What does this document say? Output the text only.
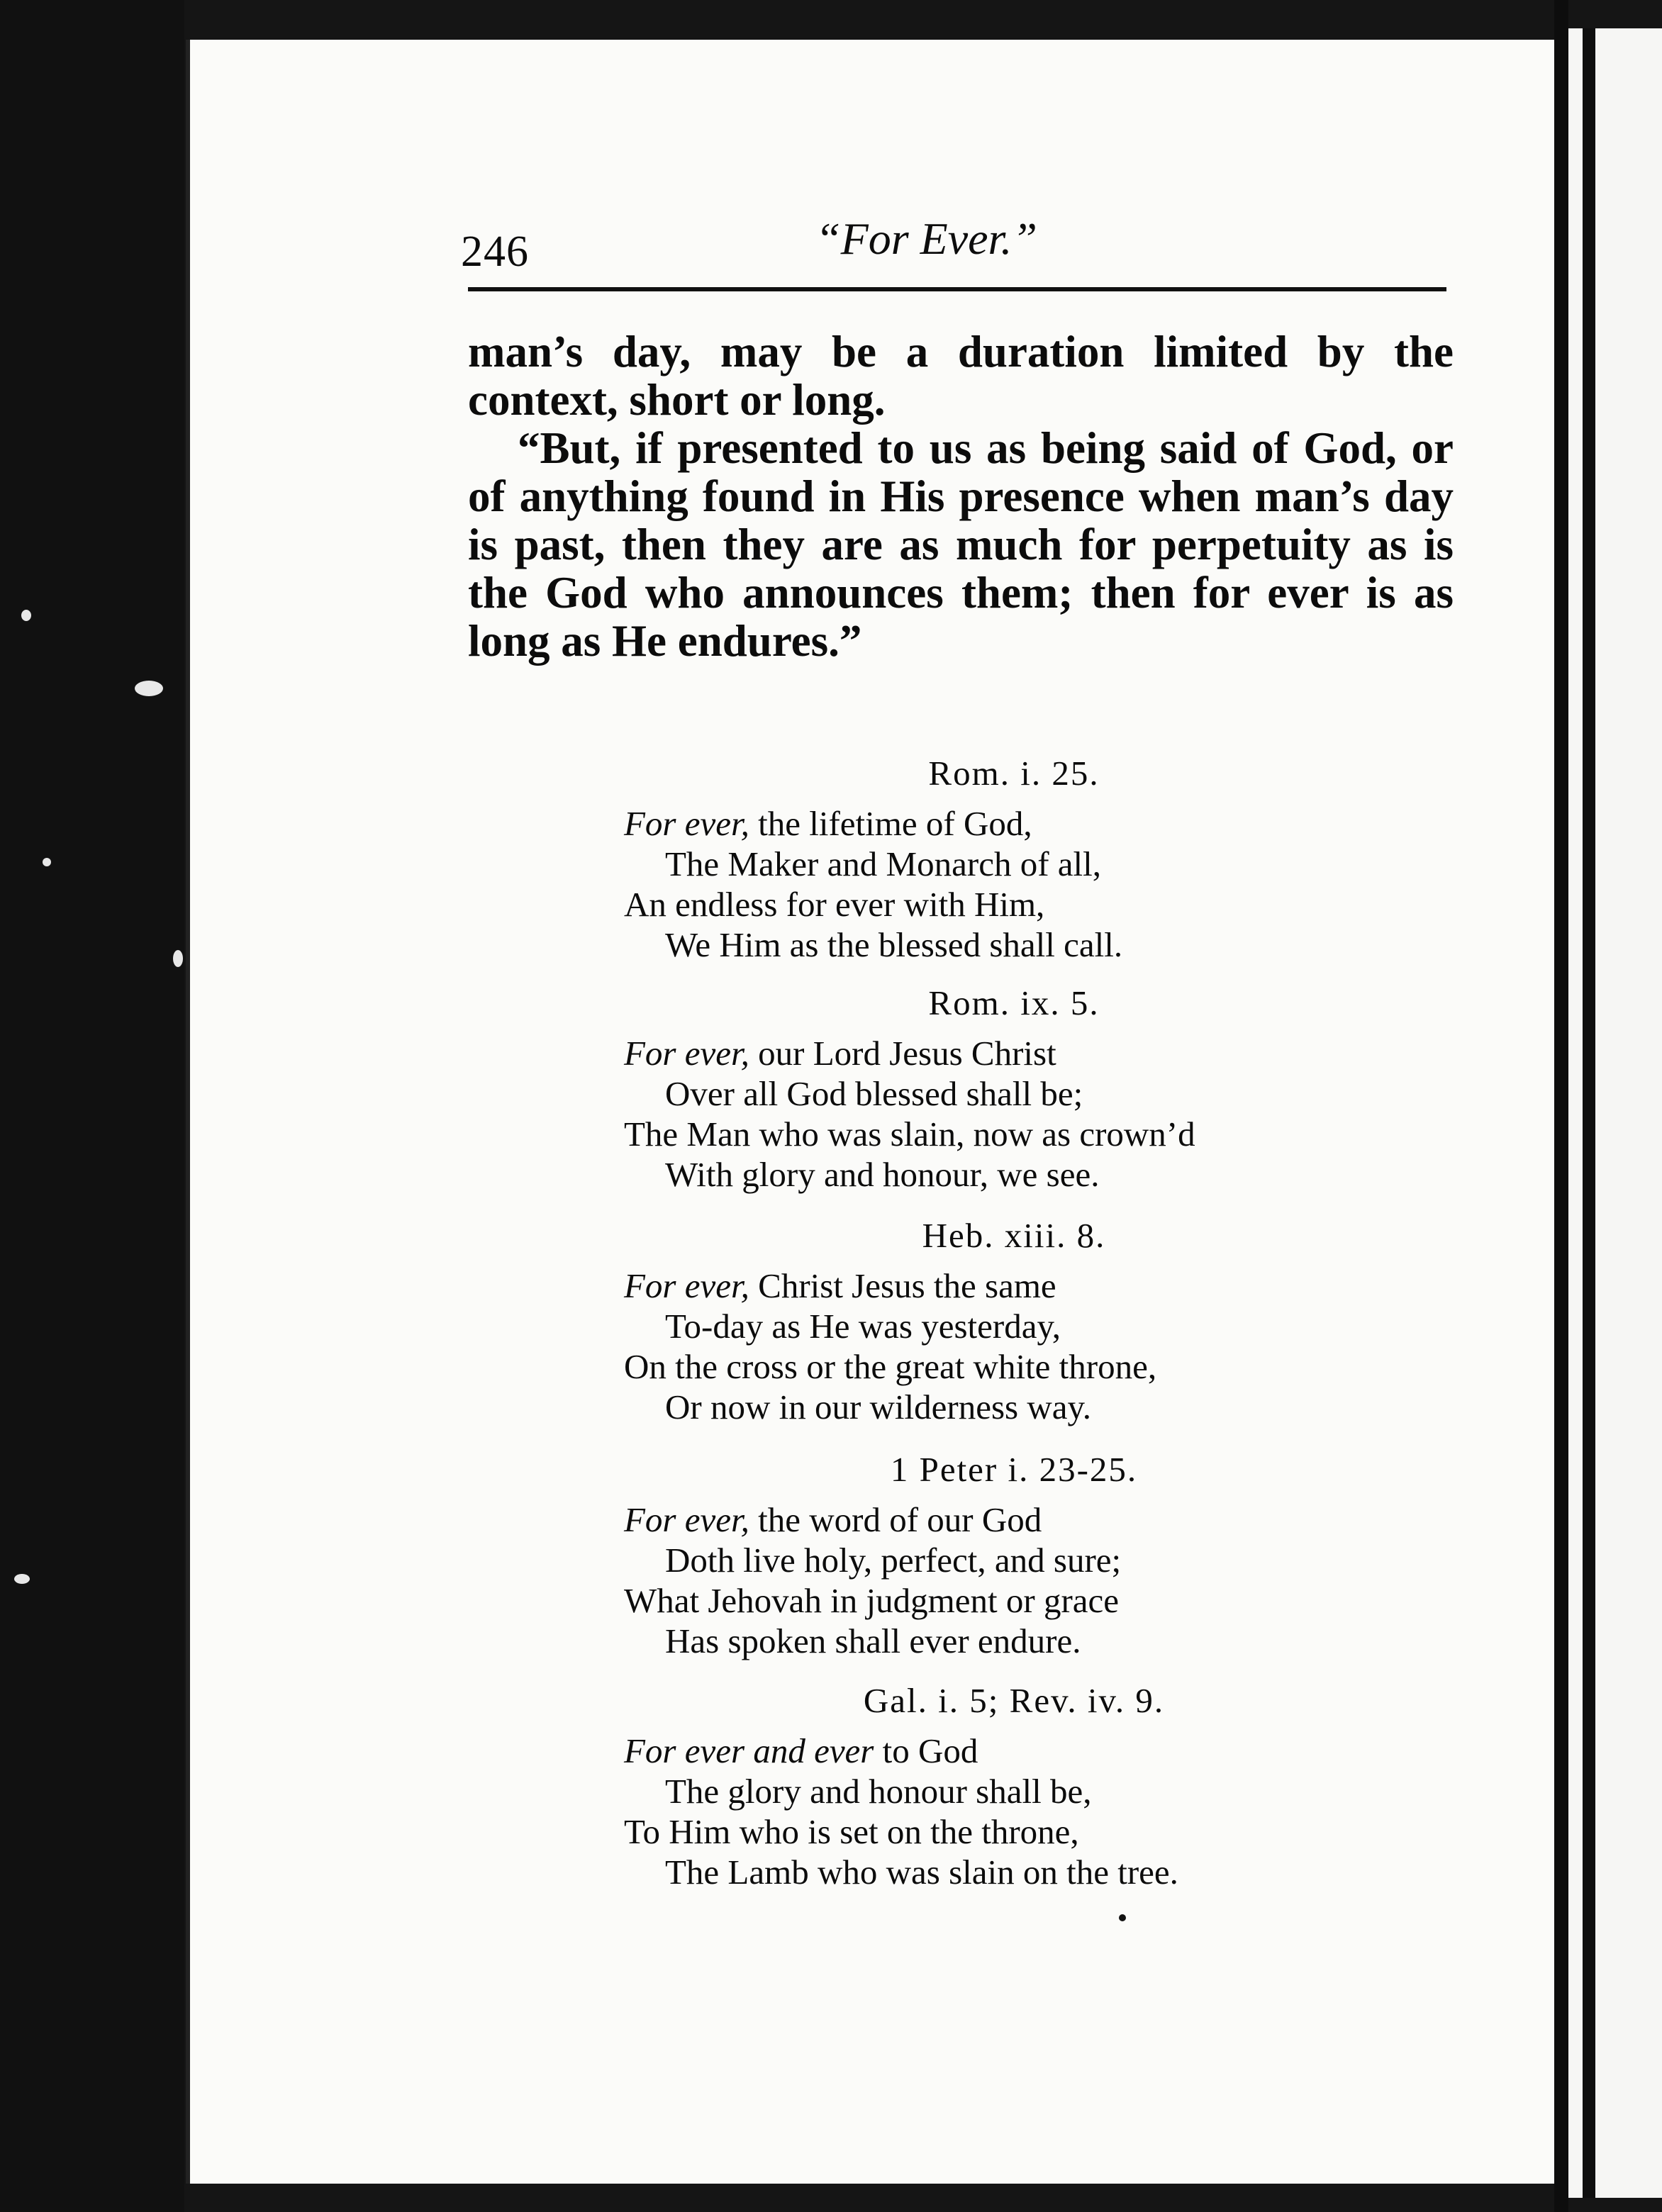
246	“For Ever.”

man’s day, may be a duration limited by the context, short or long.

“But, if presented to us as being said of God, or of anything found in His presence when man’s day is past, then they are as much for perpetuity as is the God who announces them; then for ever is as long as He endures.”

Rom. i. 25.
For ever, the lifetime of God,
The Maker and Monarch of all,
An endless for ever with Him,
We Him as the blessed shall call.
Rom. ix. 5.
For ever, our Lord Jesus Christ
Over all God blessed shall be;
The Man who was slain, now as crown’d
With glory and honour, we see.
Heb. xiii. 8.
For ever, Christ Jesus the same
To-day as He was yesterday,
On the cross or the great white throne,
Or now in our wilderness way.
1 Peter i. 23-25.
For ever, the word of our God
Doth live holy, perfect, and sure;
What Jehovah in judgment or grace
Has spoken shall ever endure.
Gal. i. 5; Rev. iv. 9.
For ever and ever to God
The glory and honour shall be,
To Him who is set on the throne,
The Lamb who was slain on the tree.
